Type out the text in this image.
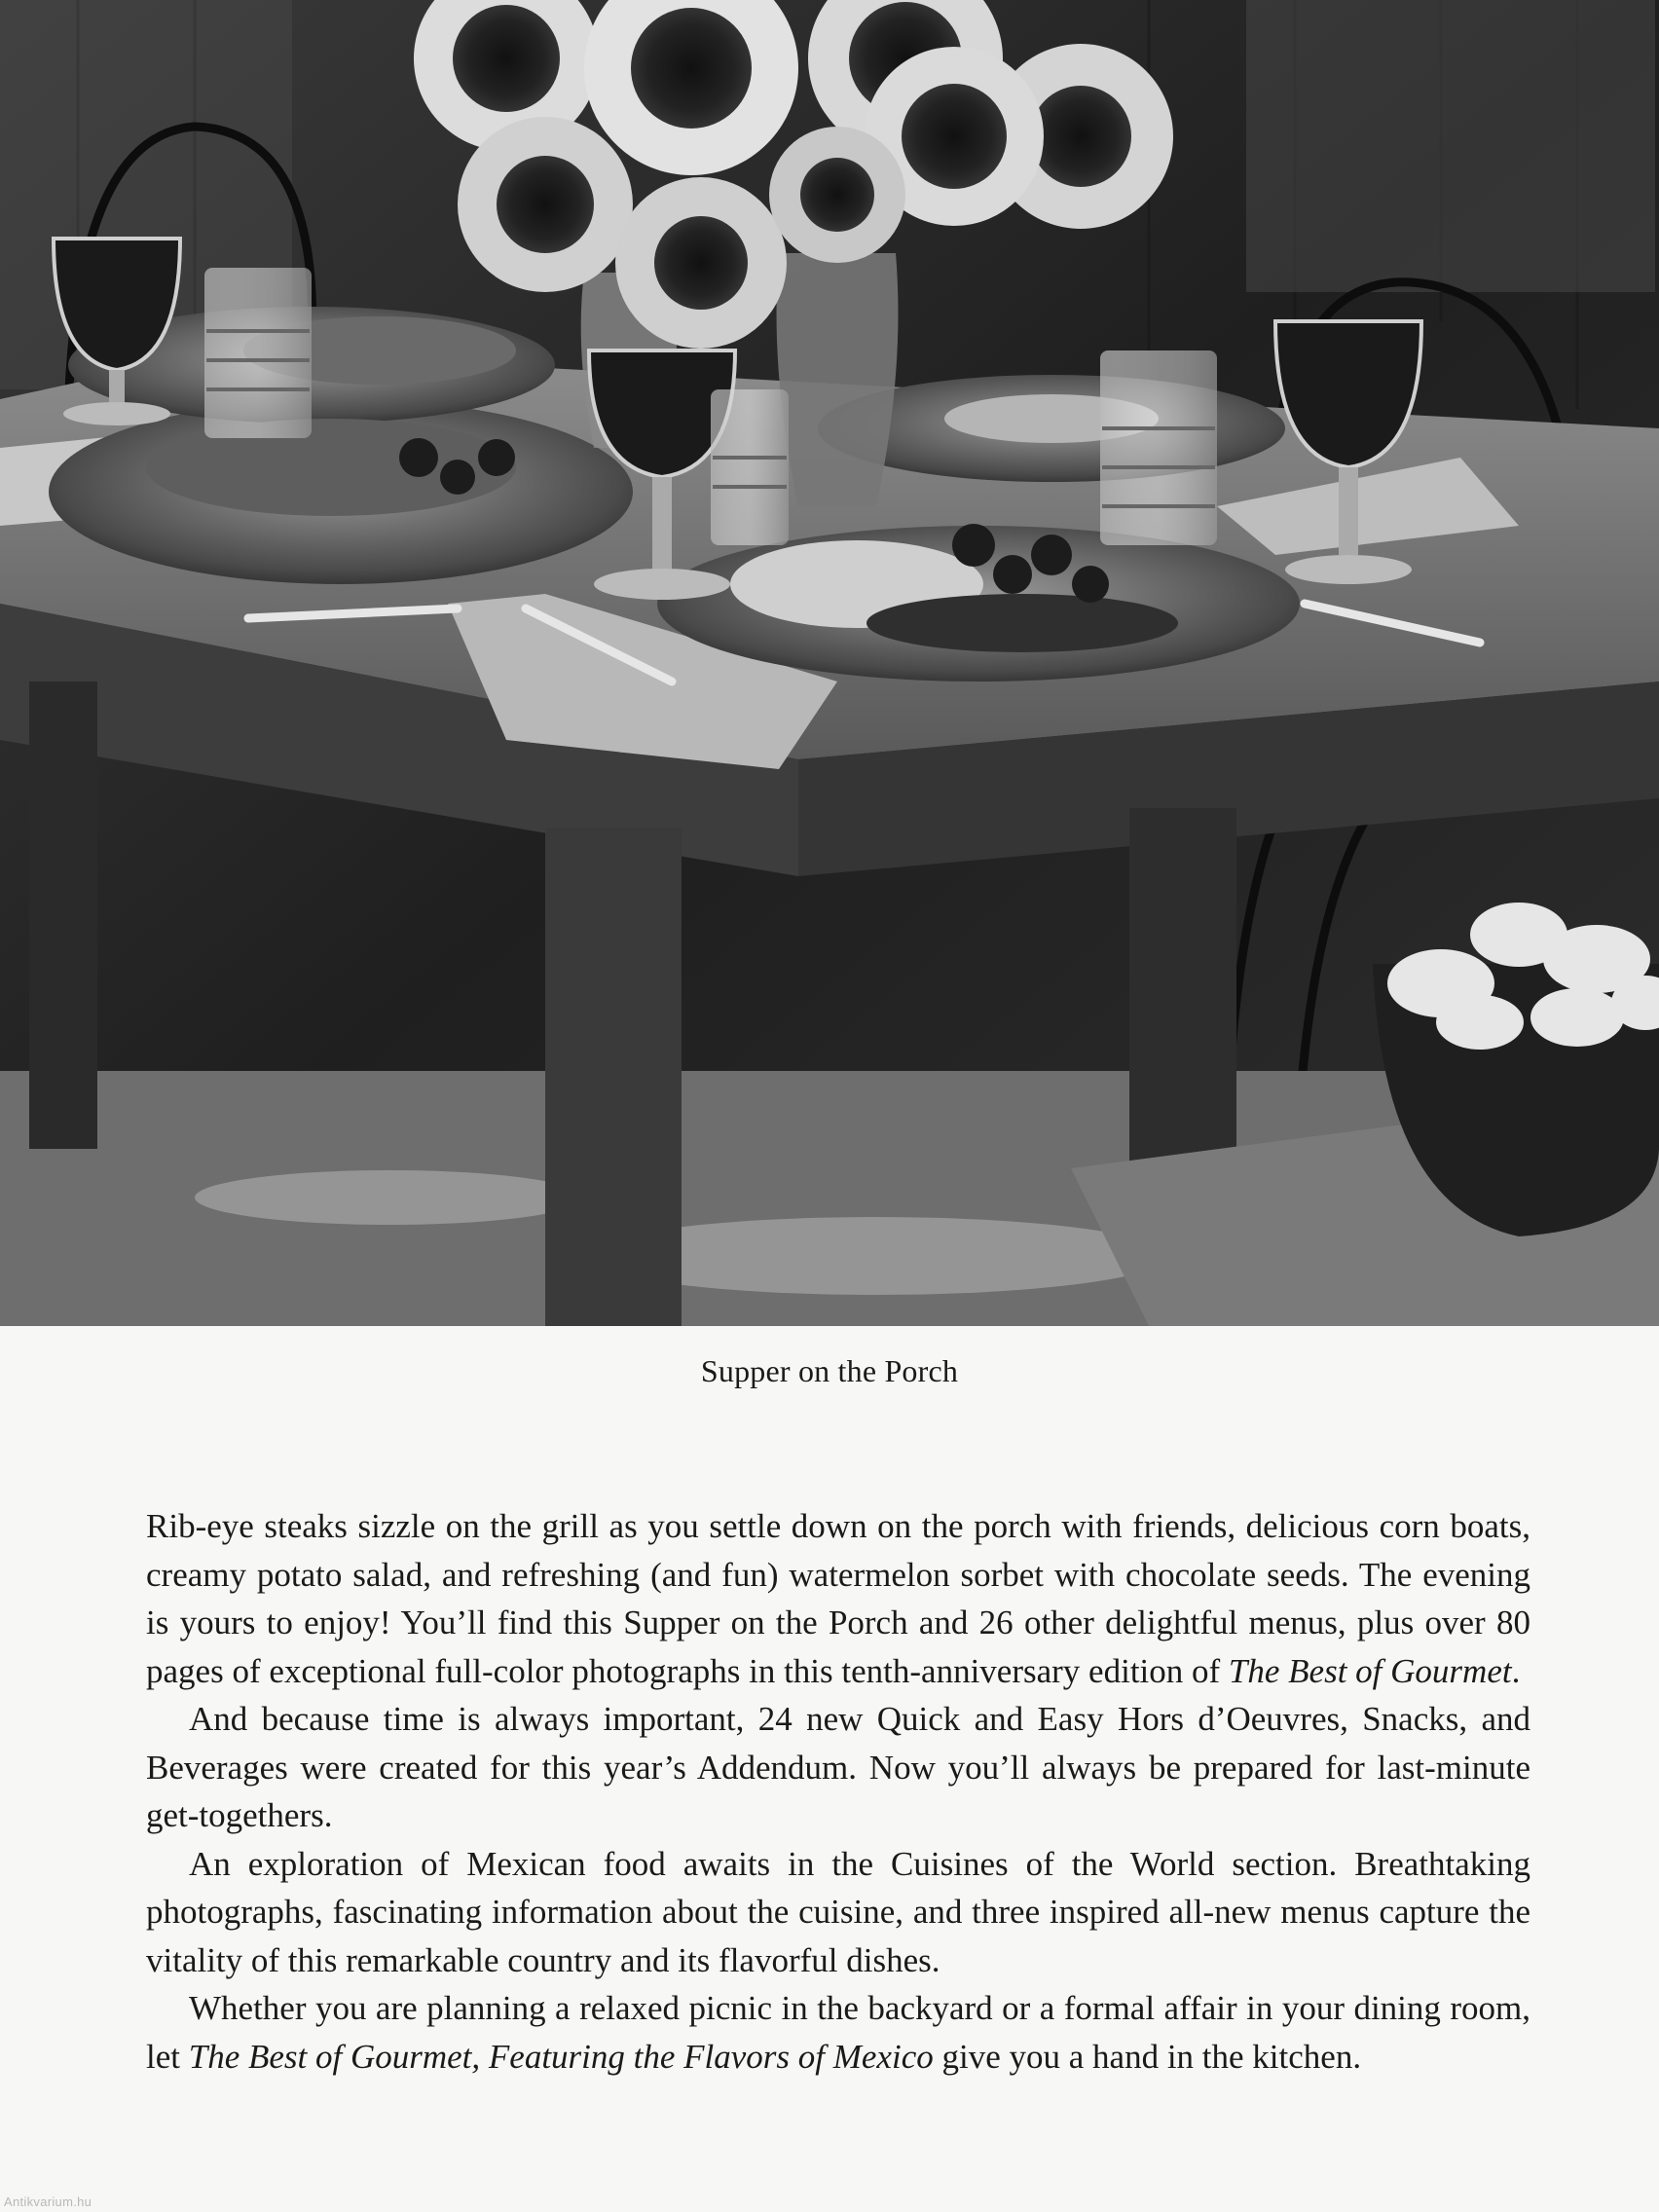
Supper on the Porch

Rib-eye steaks sizzle on the grill as you settle down on the porch with friends, delicious corn boats, creamy potato salad, and refreshing (and fun) watermelon sorbet with chocolate seeds. The evening is yours to enjoy! You’ll find this Supper on the Porch and 26 other delightful menus, plus over 80 pages of exceptional full-color photographs in this tenth-anniversary edition of The Best of Gourmet.

And because time is always important, 24 new Quick and Easy Hors d’Oeuvres, Snacks, and Beverages were created for this year’s Addendum. Now you’ll always be prepared for last-minute get-togethers.

An exploration of Mexican food awaits in the Cuisines of the World section. Breathtaking photographs, fascinating information about the cuisine, and three inspired all-new menus capture the vitality of this remarkable country and its flavorful dishes.

Whether you are planning a relaxed picnic in the backyard or a formal affair in your dining room, let The Best of Gourmet, Featuring the Flavors of Mexico give you a hand in the kitchen.

Antikvarium.hu
